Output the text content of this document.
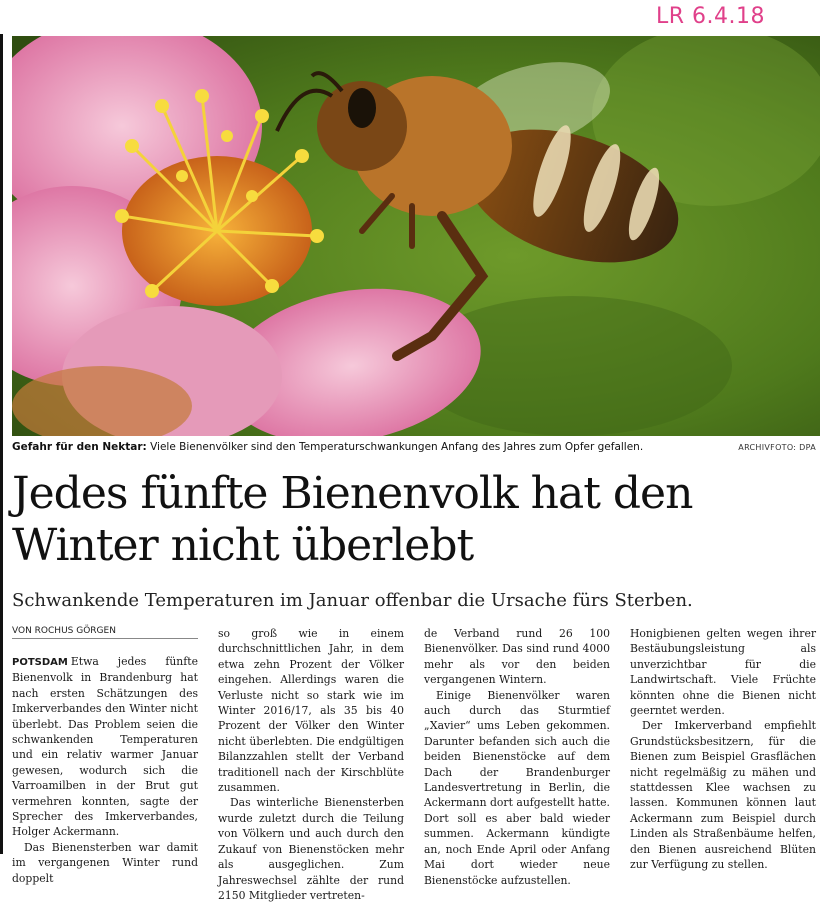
LR 6.4.18
Gefahr für den Nektar: Viele Bienenvölker sind den Temperaturschwankungen Anfang des Jahres zum Opfer gefallen.	ARCHIVFOTO: DPA
Jedes fünfte Bienenvolk hat den Winter nicht überlebt

Schwankende Temperaturen im Januar offenbar die Ursache fürs Sterben.

VON ROCHUS GÖRGEN

POTSDAM Etwa jedes fünfte Bienenvolk in Brandenburg hat nach ersten Schätzungen des Imkerverbandes den Winter nicht überlebt. Das Problem seien die schwankenden Temperaturen und ein relativ warmer Januar gewesen, wodurch sich die Varroamilben in der Brut gut vermehren konnten, sagte der Sprecher des Imkerverbandes, Holger Ackermann.

Das Bienensterben war damit im vergangenen Winter rund doppelt

so groß wie in einem durchschnittlichen Jahr, in dem etwa zehn Prozent der Völker eingehen. Allerdings waren die Verluste nicht so stark wie im Winter 2016/17, als 35 bis 40 Prozent der Völker den Winter nicht überlebten. Die endgültigen Bilanzzahlen stellt der Verband traditionell nach der Kirschblüte zusammen.

Das winterliche Bienensterben wurde zuletzt durch die Teilung von Völkern und auch durch den Zukauf von Bienenstöcken mehr als ausgeglichen. Zum Jahreswechsel zählte der rund 2150 Mitglieder vertreten-

de Verband rund 26 100 Bienenvölker. Das sind rund 4000 mehr als vor den beiden vergangenen Wintern.

Einige Bienenvölker waren auch durch das Sturmtief „Xavier“ ums Leben gekommen. Darunter befanden sich auch die beiden Bienenstöcke auf dem Dach der Brandenburger Landesvertretung in Berlin, die Ackermann dort aufgestellt hatte. Dort soll es aber bald wieder summen. Ackermann kündigte an, noch Ende April oder Anfang Mai dort wieder neue Bienenstöcke aufzustellen.

Honigbienen gelten wegen ihrer Bestäubungsleistung als unverzichtbar für die Landwirtschaft. Viele Früchte könnten ohne die Bienen nicht geerntet werden.

Der Imkerverband empfiehlt Grundstücksbesitzern, für die Bienen zum Beispiel Grasflächen nicht regelmäßig zu mähen und stattdessen Klee wachsen zu lassen. Kommunen können laut Ackermann zum Beispiel durch Linden als Straßenbäume helfen, den Bienen ausreichend Blüten zur Verfügung zu stellen.
